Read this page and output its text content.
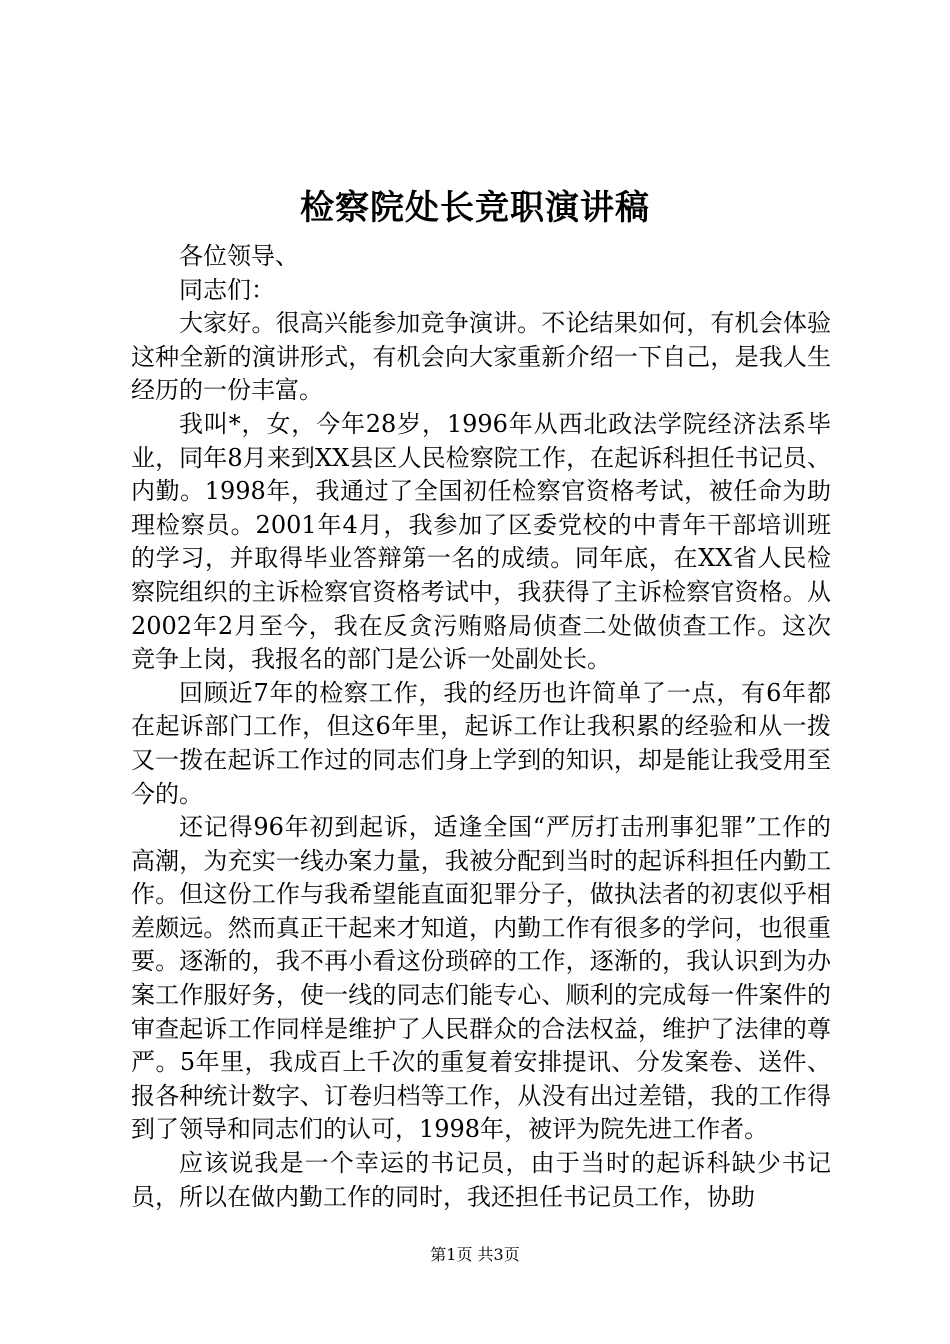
检察院处长竞职演讲稿

各位领导、

同志们：

大家好。很高兴能参加竞争演讲。不论结果如何，有机会体验这种全新的演讲形式，有机会向大家重新介绍一下自己，是我人生经历的一份丰富。

我叫*，女，今年28岁，1996年从西北政法学院经济法系毕业，同年8月来到XX县区人民检察院工作，在起诉科担任书记员、内勤。1998年，我通过了全国初任检察官资格考试，被任命为助理检察员。2001年4月，我参加了区委党校的中青年干部培训班的学习，并取得毕业答辩第一名的成绩。同年底，在XX省人民检察院组织的主诉检察官资格考试中，我获得了主诉检察官资格。从2002年2月至今，我在反贪污贿赂局侦查二处做侦查工作。这次竞争上岗，我报名的部门是公诉一处副处长。

回顾近7年的检察工作，我的经历也许简单了一点，有6年都在起诉部门工作，但这6年里，起诉工作让我积累的经验和从一拨又一拨在起诉工作过的同志们身上学到的知识，却是能让我受用至今的。

还记得96年初到起诉，适逢全国“严厉打击刑事犯罪”工作的高潮，为充实一线办案力量，我被分配到当时的起诉科担任内勤工作。但这份工作与我希望能直面犯罪分子，做执法者的初衷似乎相差颇远。然而真正干起来才知道，内勤工作有很多的学问，也很重要。逐渐的，我不再小看这份琐碎的工作，逐渐的，我认识到为办案工作服好务，使一线的同志们能专心、顺利的完成每一件案件的审查起诉工作同样是维护了人民群众的合法权益，维护了法律的尊严。5年里，我成百上千次的重复着安排提讯、分发案卷、送件、报各种统计数字、订卷归档等工作，从没有出过差错，我的工作得到了领导和同志们的认可，1998年，被评为院先进工作者。

应该说我是一个幸运的书记员，由于当时的起诉科缺少书记员，所以在做内勤工作的同时，我还担任书记员工作，协助

第1页 共3页
